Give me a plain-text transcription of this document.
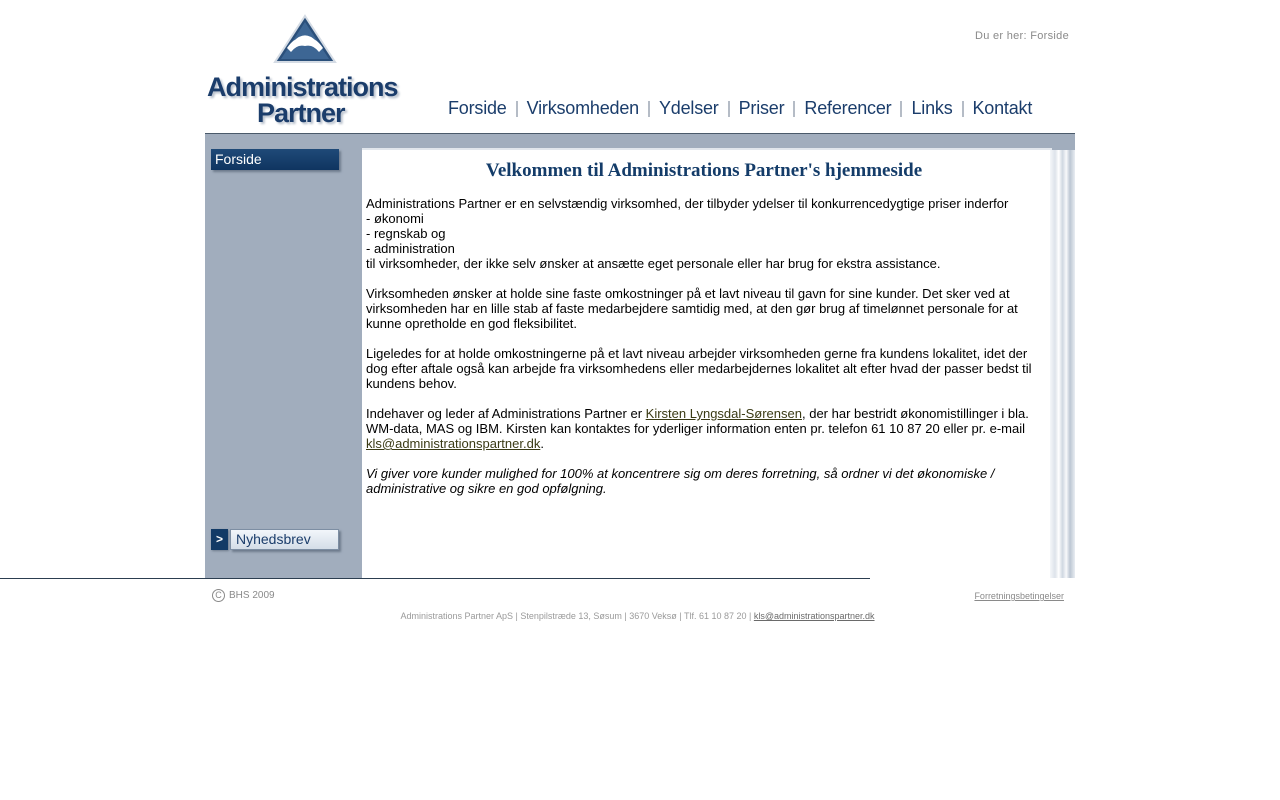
Administrations
Partner
Du er her: Forside
Forside Virksomheden Ydelser Priser Referencer Links Kontakt
Forside
> Nyhedsbrev
Velkommen til Administrations Partner's hjemmeside

Administrations Partner er en selvstændig virksomhed, der tilbyder ydelser til konkurrencedygtige priser inderfor
- økonomi
- regnskab og
- administration
til virksomheder, der ikke selv ønsker at ansætte eget personale eller har brug for ekstra assistance.

Virksomheden ønsker at holde sine faste omkostninger på et lavt niveau til gavn for sine kunder. Det sker ved at virksomheden har en lille stab af faste medarbejdere samtidig med, at den gør brug af timelønnet personale for at kunne opretholde en god fleksibilitet.

Ligeledes for at holde omkostningerne på et lavt niveau arbejder virksomheden gerne fra kundens lokalitet, idet der dog efter aftale også kan arbejde fra virksomhedens eller medarbejdernes lokalitet alt efter hvad der passer bedst til kundens behov.

Indehaver og leder af Administrations Partner er Kirsten Lyngsdal-Sørensen, der har bestridt økonomistillinger i bla. WM-data, MAS og IBM. Kirsten kan kontaktes for yderliger information enten pr. telefon 61 10 87 20 eller pr. e-mail kls@administrationspartner.dk.

Vi giver vore kunder mulighed for 100% at koncentrere sig om deres forretning, så ordner vi det økonomiske / administrative og sikre en god opfølgning.

C BHS 2009	Forretningsbetingelser
Administrations Partner ApS | Stenpilstræde 13, Søsum | 3670 Veksø | Tlf. 61 10 87 20 | kls@administrationspartner.dk
